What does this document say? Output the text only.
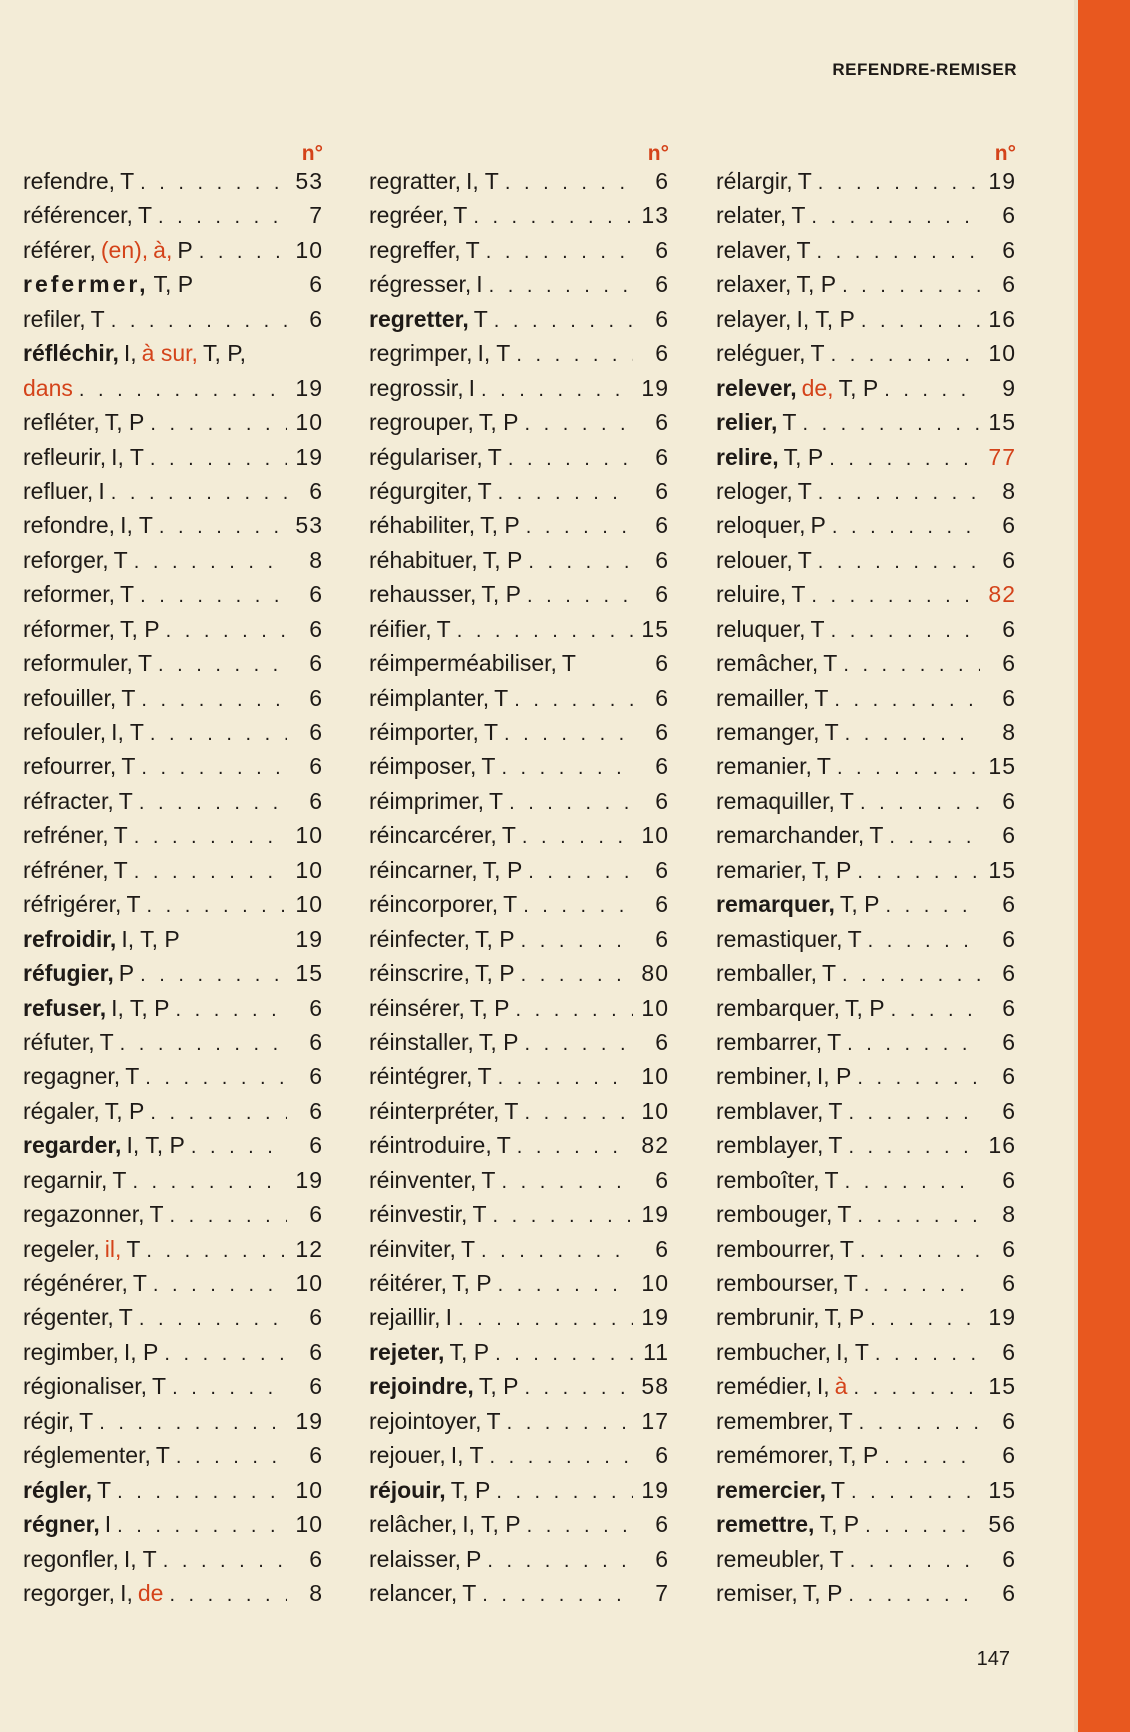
REFENDRE-REMISER
n°
refendre, T . . .	53
référencer, T . . .	7
référer, (en), à, P . . .	10
refermer, T, P	6
refiler, T . . .	6
réfléchir, I, à sur, T, P,
dans . . .	19
refléter, T, P . . .	10
refleurir, I, T . . .	19
refluer, I . . .	6
refondre, I, T . . .	53
reforger, T . . .	8
reformer, T . . .	6
réformer, T, P . . .	6
reformuler, T . . .	6
refouiller, T . . .	6
refouler, I, T . . .	6
refourrer, T . . .	6
réfracter, T . . .	6
refréner, T . . .	10
réfréner, T . . .	10
réfrigérer, T . . .	10
refroidir, I, T, P	19
réfugier, P . . .	15
refuser, I, T, P . . .	6
réfuter, T . . .	6
regagner, T . . .	6
régaler, T, P . . .	6
regarder, I, T, P . . .	6
regarnir, T . . .	19
regazonner, T . . .	6
regeler, il, T . . .	12
régénérer, T . . .	10
régenter, T . . .	6
regimber, I, P . . .	6
régionaliser, T . . .	6
régir, T . . .	19
réglementer, T . . .	6
régler, T . . .	10
régner, I . . .	10
regonfler, I, T . . .	6
regorger, I, de . . .	8
n°
regratter, I, T . . .	6
regréer, T . . .	13
regreffer, T . . .	6
régresser, I . . .	6
regretter, T . . .	6
regrimper, I, T . . .	6
regrossir, I . . .	19
regrouper, T, P . . .	6
régulariser, T . . .	6
régurgiter, T . . .	6
réhabiliter, T, P . . .	6
réhabituer, T, P . . .	6
rehausser, T, P . . .	6
réifier, T . . .	15
réimperméabiliser, T	6
réimplanter, T . . .	6
réimporter, T . . .	6
réimposer, T . . .	6
réimprimer, T . . .	6
réincarcérer, T . . .	10
réincarner, T, P . . .	6
réincorporer, T . . .	6
réinfecter, T, P . . .	6
réinscrire, T, P . . .	80
réinsérer, T, P . . .	10
réinstaller, T, P . . .	6
réintégrer, T . . .	10
réinterpréter, T . . .	10
réintroduire, T . . .	82
réinventer, T . . .	6
réinvestir, T . . .	19
réinviter, T . . .	6
réitérer, T, P . . .	10
rejaillir, I . . .	19
rejeter, T, P . . .	11
rejoindre, T, P . . .	58
rejointoyer, T . . .	17
rejouer, I, T . . .	6
réjouir, T, P . . .	19
relâcher, I, T, P . . .	6
relaisser, P . . .	6
relancer, T . . .	7
n°
rélargir, T . . .	19
relater, T . . .	6
relaver, T . . .	6
relaxer, T, P . . .	6
relayer, I, T, P . . .	16
reléguer, T . . .	10
relever, de, T, P . . .	9
relier, T . . .	15
relire, T, P . . .	77
reloger, T . . .	8
reloquer, P . . .	6
relouer, T . . .	6
reluire, T . . .	82
reluquer, T . . .	6
remâcher, T . . .	6
remailler, T . . .	6
remanger, T . . .	8
remanier, T . . .	15
remaquiller, T . . .	6
remarchander, T . . .	6
remarier, T, P . . .	15
remarquer, T, P . . .	6
remastiquer, T . . .	6
remballer, T . . .	6
rembarquer, T, P . . .	6
rembarrer, T . . .	6
rembiner, I, P . . .	6
remblaver, T . . .	6
remblayer, T . . .	16
remboîter, T . . .	6
rembouger, T . . .	8
rembourrer, T . . .	6
rembourser, T . . .	6
rembrunir, T, P . . .	19
rembucher, I, T . . .	6
remédier, I, à . . .	15
remembrer, T . . .	6
remémorer, T, P . . .	6
remercier, T . . .	15
remettre, T, P . . .	56
remeubler, T . . .	6
remiser, T, P . . .	6
147
